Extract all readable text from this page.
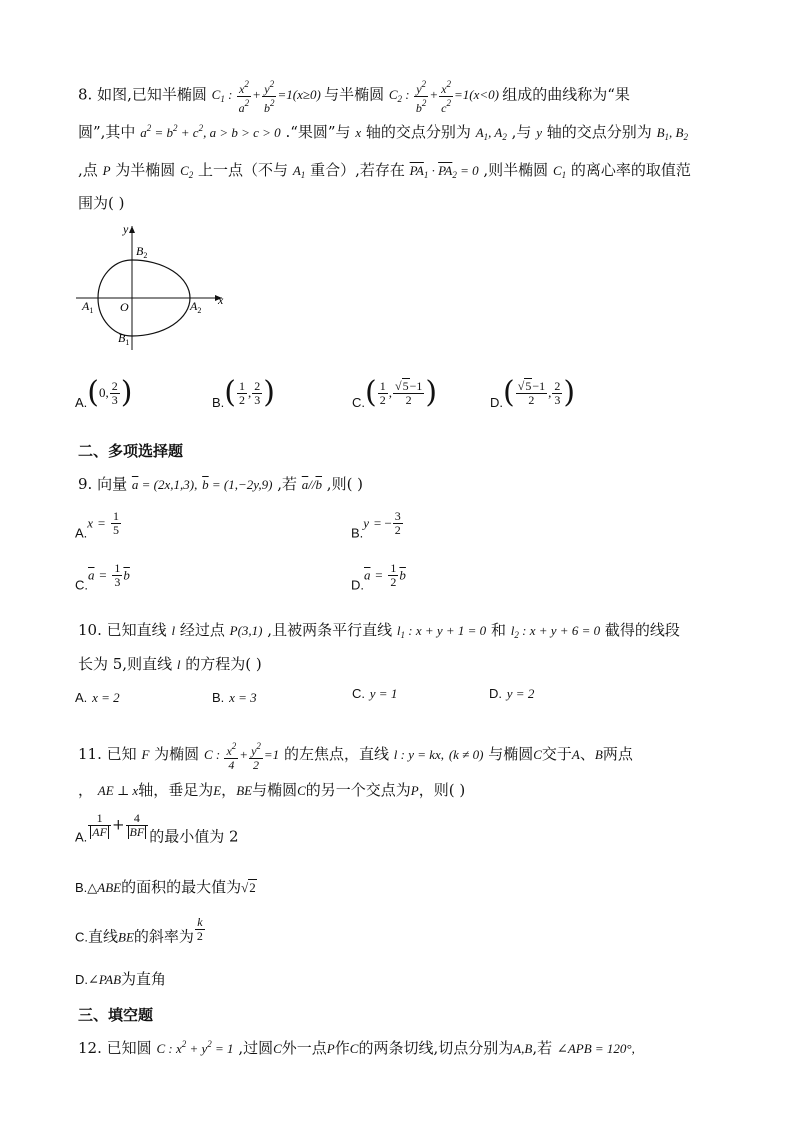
8. 如图,已知半椭圆 $C_1$ : $\frac{x^2}{a^2} + \frac{y^2}{b^2} =1(x\ge 0)$ 与半椭圆 $C_2$ : $\frac{y^2}{b^2} + \frac{x^2}{c^2} =1(x<0)$ 组成的曲线称为“果
圆”,其中 $a^2 = b^2 + c^2$, a > b > c > 0 .“果圆”与 x 轴的交点分别为 $A_1$, $A_2$ ,与 y 轴的交点分别为 $B_1$, $B_2$
,点 P 为半椭圆 $C_2$ 上一点（不与 $A_1$ 重合）,若存在 $\overline{PA}_1 \cdot \overline{PA}_2 = 0$ ,则半椭圆 $C_1$ 的离心率的取值范
围为( )
y
x
O
$B_2$
$A_1$	$A_2$
$B_1$
A.(0, $\frac{2}{3}$ )	$B.( \frac{1}{2}$ , $\frac{2}{3}$ )	$C.( \frac{1}{2}$ , $\frac{√5-1}{2}$ )	$D.( \frac{√5-1}{2}$ , $\frac{2}{3}$ )
二、多项选择题
9. 向量 $\overline{a} = (2x,1,3)$, $\overline{b} = (1,-2y,9)$ ,若 $\overline{a}//\overline{b}$ ,则( )
$A.x = \frac{1}{5}$	B.y = − $\frac{3}{2}$
$C.\overline{a} = \frac{1}{3} \overline{b}$
$D.\overline{a} = \frac{1}{2} \overline{b}$
10. 已知直线 l 经过点 P(3,1) ,且被两条平行直线 $l_1$ : x + y + 1 = 0 和 $l_2$ : x + y + 6 = 0 截得的线段
长为 5,则直线 l 的方程为( )
A. x = 2	B. x = 3	C. y = 1	D. y = 2
11. 已知 F 为椭圆 C : $\frac{x^2}{4} + \frac{y^2}{2} =1$ 的左焦点，直线 l : y = kx, (k ≠ 0) 与椭圆C交于A、B两点
， AE ⊥ x轴，垂足为E，BE与椭圆C的另一个交点为P，则( )
A. $\frac{1}{AF} + \frac{4}{BF}$ 的最小值为 2
B.△ABE的面积的最大值为√2
C.直线BE的斜率为 $\frac{k}{2}$
D.∠PAB为直角
三、填空题
12. 已知圆 C : $x^2 + y^2 = 1$ ,过圆C外一点P作C的两条切线,切点分别为A,B,若 ∠APB = 120°,
